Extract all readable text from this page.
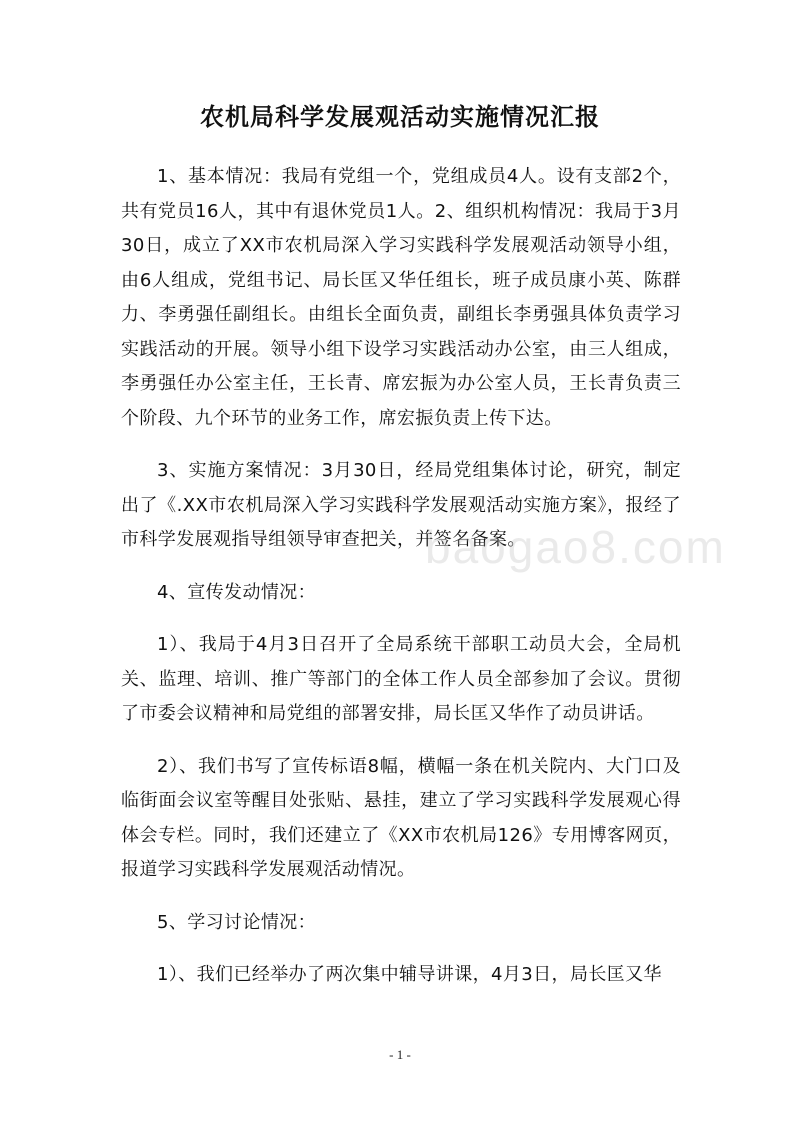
农机局科学发展观活动实施情况汇报

1、基本情况：我局有党组一个，党组成员4人。设有支部2个，共有党员16人，其中有退休党员1人。2、组织机构情况：我局于3月30日，成立了XX市农机局深入学习实践科学发展观活动领导小组，由6人组成，党组书记、局长匡又华任组长，班子成员康小英、陈群力、李勇强任副组长。由组长全面负责，副组长李勇强具体负责学习实践活动的开展。领导小组下设学习实践活动办公室，由三人组成，李勇强任办公室主任，王长青、席宏振为办公室人员，王长青负责三个阶段、九个环节的业务工作，席宏振负责上传下达。

3、实施方案情况：3月30日，经局党组集体讨论，研究，制定出了《.XX市农机局深入学习实践科学发展观活动实施方案》，报经了市科学发展观指导组领导审查把关，并签名备案。

4、宣传发动情况：

1）、我局于4月3日召开了全局系统干部职工动员大会，全局机关、监理、培训、推广等部门的全体工作人员全部参加了会议。贯彻了市委会议精神和局党组的部署安排，局长匡又华作了动员讲话。

2）、我们书写了宣传标语8幅，横幅一条在机关院内、大门口及临街面会议室等醒目处张贴、悬挂，建立了学习实践科学发展观心得体会专栏。同时，我们还建立了《XX市农机局126》专用博客网页，报道学习实践科学发展观活动情况。

5、学习讨论情况：

1）、我们已经举办了两次集中辅导讲课，4月3日，局长匡又华

baogao8.com
- 1 -
